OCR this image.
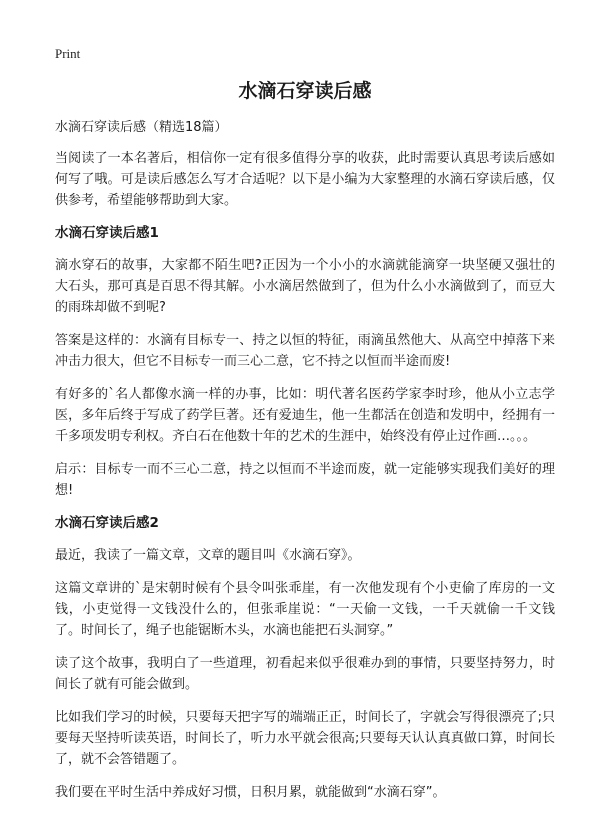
Print
水滴石穿读后感
水滴石穿读后感（精选18篇）

当阅读了一本名著后，相信你一定有很多值得分享的收获，此时需要认真思考读后感如何写了哦。可是读后感怎么写才合适呢？以下是小编为大家整理的水滴石穿读后感，仅供参考，希望能够帮助到大家。

水滴石穿读后感1

滴水穿石的故事，大家都不陌生吧?正因为一个小小的水滴就能滴穿一块坚硬又强壮的大石头，那可真是百思不得其解。小水滴居然做到了，但为什么小水滴做到了，而豆大的雨珠却做不到呢?

答案是这样的：水滴有目标专一、持之以恒的特征，雨滴虽然他大、从高空中掉落下来冲击力很大，但它不目标专一而三心二意，它不持之以恒而半途而废!

有好多的`名人都像水滴一样的办事，比如：明代著名医药学家李时珍，他从小立志学医，多年后终于写成了药学巨著。还有爱迪生，他一生都活在创造和发明中，经拥有一千多项发明专利权。齐白石在他数十年的艺术的生涯中，始终没有停止过作画…。。。

启示：目标专一而不三心二意，持之以恒而不半途而废，就一定能够实现我们美好的理想!

水滴石穿读后感2

最近，我读了一篇文章，文章的题目叫《水滴石穿》。

这篇文章讲的`是宋朝时候有个县令叫张乖崖，有一次他发现有个小吏偷了库房的一文钱，小吏觉得一文钱没什么的，但张乖崖说：“一天偷一文钱，一千天就偷一千文钱了。时间长了，绳子也能锯断木头，水滴也能把石头洞穿。”

读了这个故事，我明白了一些道理，初看起来似乎很难办到的事情，只要坚持努力，时间长了就有可能会做到。

比如我们学习的时候，只要每天把字写的端端正正，时间长了，字就会写得很漂亮了;只要每天坚持听读英语，时间长了，听力水平就会很高;只要每天认认真真做口算，时间长了，就不会答错题了。

我们要在平时生活中养成好习惯，日积月累，就能做到“水滴石穿”。
